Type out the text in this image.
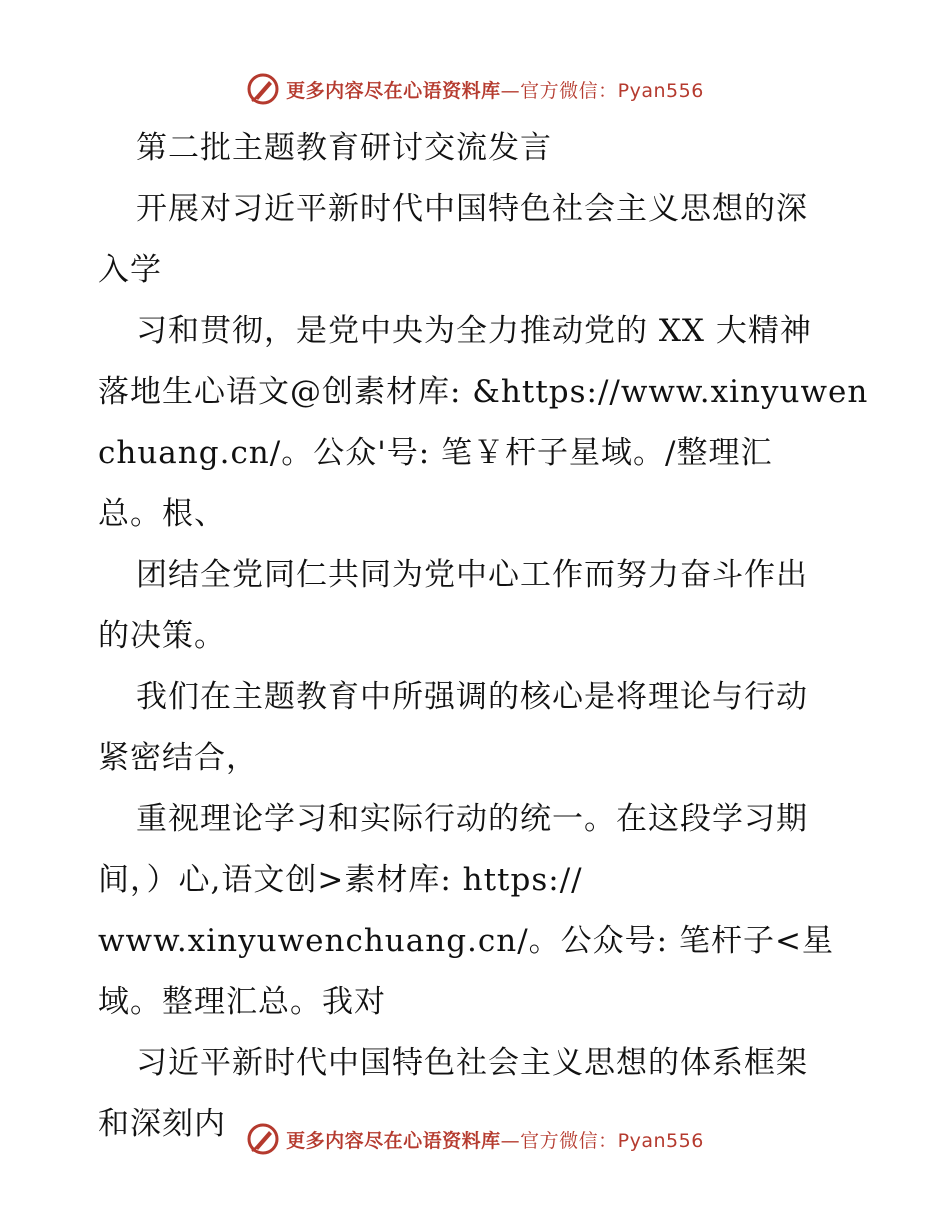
更多内容尽在心语资料库 —官方微信：Pyan556
第二批主题教育研讨交流发言
开展对习近平新时代中国特色社会主义思想的深
入学
习和贯彻，是党中央为全力推动党的 XX 大精神
落地生心语文@创素材库: &https://www.xinyuwen
chuang.cn/。公众'号: 笔￥杆子星域。/整理汇
总。根、
团结全党同仁共同为党中心工作而努力奋斗作出
的决策。
我们在主题教育中所强调的核心是将理论与行动
紧密结合，
重视理论学习和实际行动的统一。在这段学习期
间，）心,语文创>素材库: https://
www.xinyuwenchuang.cn/。公众号: 笔杆子<星
域。整理汇总。我对
习近平新时代中国特色社会主义思想的体系框架
和深刻内	更多内容尽在心语资料库 —官方微信：Pyan556
